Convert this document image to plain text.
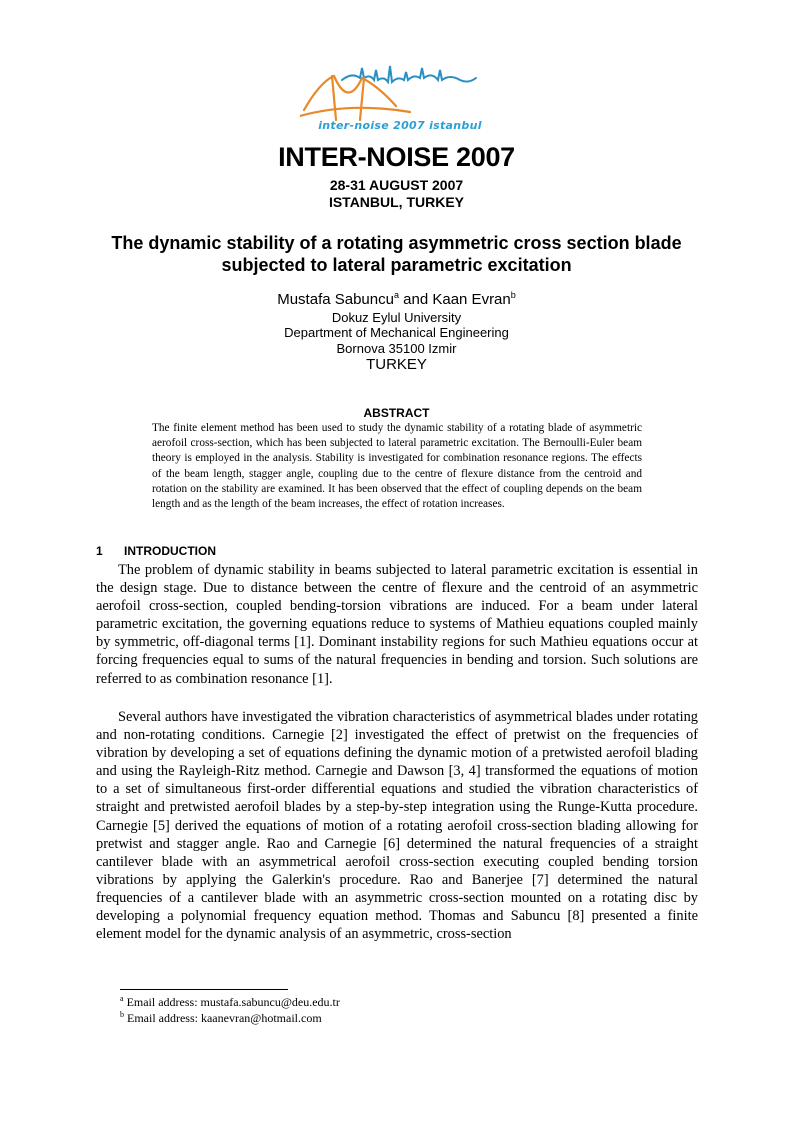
inter-noise 2007 istanbul
INTER-NOISE 2007
28-31 AUGUST 2007
ISTANBUL, TURKEY
The dynamic stability of a rotating asymmetric cross section blade subjected to lateral parametric excitation
Mustafa Sabuncu$^a$ and Kaan Evran$^b$
Dokuz Eylul University
Department of Mechanical Engineering
Bornova 35100 Izmir
TURKEY
ABSTRACT

The finite element method has been used to study the dynamic stability of a rotating blade of asymmetric aerofoil cross-section, which has been subjected to lateral parametric excitation. The Bernoulli-Euler beam theory is employed in the analysis. Stability is investigated for combination resonance regions. The effects of the beam length, stagger angle, coupling due to the centre of flexure distance from the centroid and rotation on the stability are examined. It has been observed that the effect of coupling depends on the beam length and as the length of the beam increases, the effect of rotation increases.

1 INTRODUCTION

The problem of dynamic stability in beams subjected to lateral parametric excitation is essential in the design stage. Due to distance between the centre of flexure and the centroid of an asymmetric aerofoil cross-section, coupled bending-torsion vibrations are induced. For a beam under lateral parametric excitation, the governing equations reduce to systems of Mathieu equations coupled mainly by symmetric, off-diagonal terms [1]. Dominant instability regions for such Mathieu equations occur at forcing frequencies equal to sums of the natural frequencies in bending and torsion. Such solutions are referred to as combination resonance [1].

Several authors have investigated the vibration characteristics of asymmetrical blades under rotating and non-rotating conditions. Carnegie [2] investigated the effect of pretwist on the frequencies of vibration by developing a set of equations defining the dynamic motion of a pretwisted aerofoil blading and using the Rayleigh-Ritz method. Carnegie and Dawson [3, 4] transformed the equations of motion to a set of simultaneous first-order differential equations and studied the vibration characteristics of straight and pretwisted aerofoil blades by a step-by-step integration using the Runge-Kutta procedure. Carnegie [5] derived the equations of motion of a rotating aerofoil cross-section blading allowing for pretwist and stagger angle. Rao and Carnegie [6] determined the natural frequencies of a straight cantilever blade with an asymmetrical aerofoil cross-section executing coupled bending torsion vibrations by applying the Galerkin's procedure. Rao and Banerjee [7] determined the natural frequencies of a cantilever blade with an asymmetric cross-section mounted on a rotating disc by developing a polynomial frequency equation method. Thomas and Sabuncu [8] presented a finite element model for the dynamic analysis of an asymmetric, cross-section

$^a$ Email address: mustafa.sabuncu@deu.edu.tr
$^b$ Email address: kaanevran@hotmail.com
